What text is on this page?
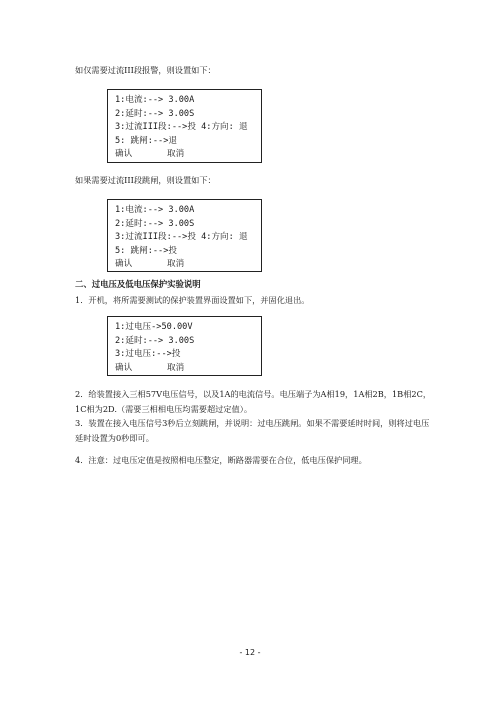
如仅需要过流III段报警，则设置如下：
1:电流:--> 3.00A
2:延时:--> 3.00S
3:过流III段:-->投 4:方向: 退
5: 跳闸:-->退
确认	取消
如果需要过流III段跳闸，则设置如下：
1:电流:--> 3.00A
2:延时:--> 3.00S
3:过流III段:-->投 4:方向: 退
5: 跳闸:-->投
确认	取消
二、过电压及低电压保护实验说明
1．开机，将所需要测试的保护装置界面设置如下，并固化退出。
1:过电压->50.00V
2:延时:--> 3.00S
3:过电压:-->投
确认	取消
2．给装置接入三相57V电压信号，以及1A的电流信号。电压端子为A相19，1A相2B，1B相2C，
1C相为2D.（需要三相相电压均需要超过定值）。
3．装置在接入电压信号3秒后立刻跳闸，并说明：过电压跳闸。如果不需要延时时间，则将过电压延时设置为0秒即可。
4．注意：过电压定值是按照相电压整定，断路器需要在合位，低电压保护同理。
- 12 -
